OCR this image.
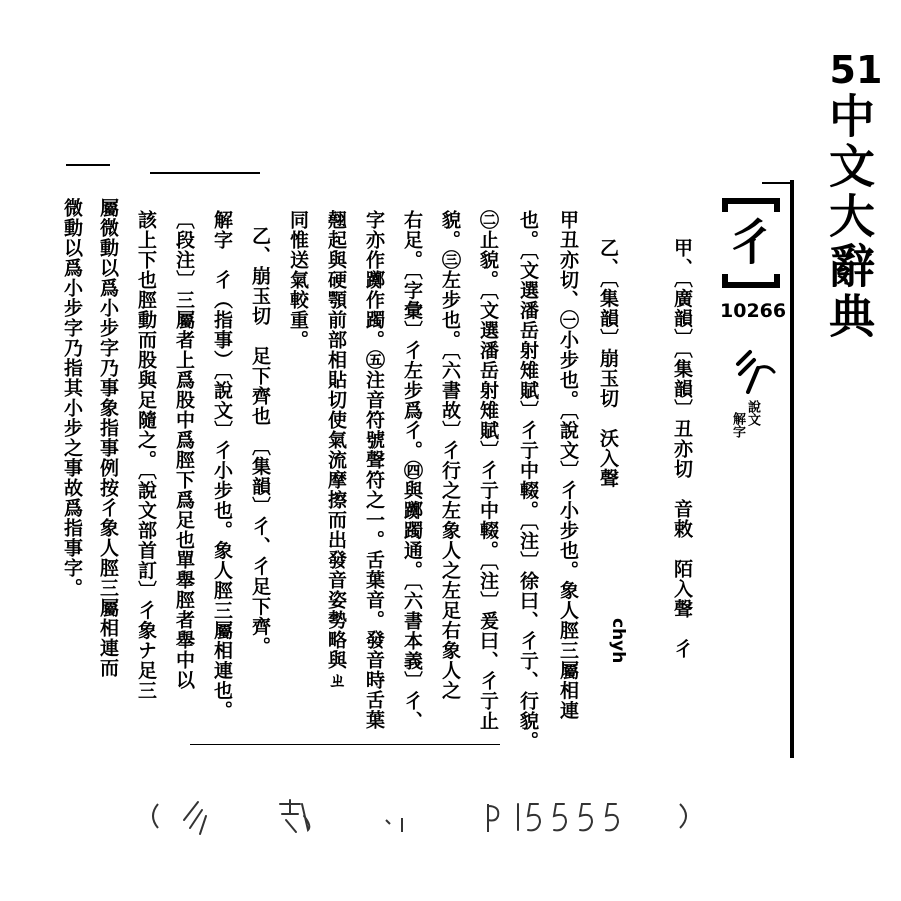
51
中文大辭典
彳
10266
說文
解字
chyh 甲、〔廣韻〕〔集韻〕丑亦切　音敕　陌入聲　彳
乙、〔集韻〕崩玉切　沃入聲
甲丑亦切、㊀小步也。〔說文〕彳小步也。象人脛三屬相連
也。〔文選潘岳射雉賦〕彳亍中輟。〔注〕徐曰、彳亍、行貌。
㊁止貌。〔文選潘岳射雉賦〕彳亍中輟。〔注〕爰曰、彳亍止
貌。㊂左步也。〔六書故〕彳行之左象人之左足右象人之
右足。〔字彙〕彳左步爲彳。㊃與躑躅通。〔六書本義〕彳、
字亦作躑作躅。㊄注音符號聲符之一。舌葉音。發音時舌葉
翹起與硬顎前部相貼切使氣流摩擦而出發音姿勢略與ㄓ
同惟送氣較重。
乙、崩玉切　足下齊也　〔集韻〕彳、彳足下齊。
解字　彳（指事）〔說文〕彳小步也。象人脛三屬相連也。
〔段注〕三屬者上爲股中爲脛下爲足也單舉脛者舉中以
該上下也脛動而股與足隨之。〔說文部首訂〕彳象ナ足三
屬微動以爲小步字乃事象指事例按彳象人脛三屬相連而
微動以爲小步字乃指其小步之事故爲指事字。
